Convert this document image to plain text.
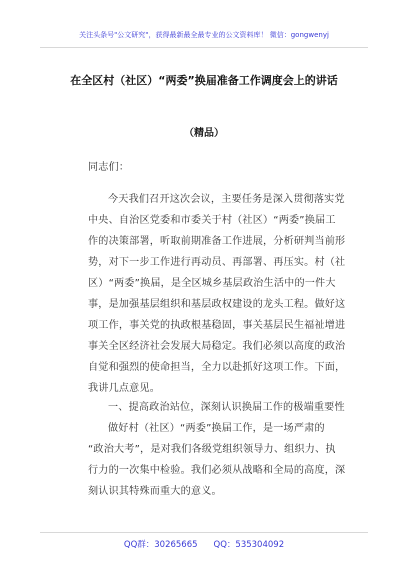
关注头条号"公文研究"，获得最新最全最专业的公文资料库！ 微信：gongwenyj
在全区村（社区）“两委”换届准备工作调度会上的讲话
（精品）
同志们：
今天我们召开这次会议，主要任务是深入贯彻落实党
中央、自治区党委和市委关于村（社区）“两委”换届工
作的决策部署，听取前期准备工作进展，分析研判当前形
势，对下一步工作进行再动员、再部署、再压实。村（社
区）“两委”换届，是全区城乡基层政治生活中的一件大
事，是加强基层组织和基层政权建设的龙头工程。做好这
项工作，事关党的执政根基稳固，事关基层民生福祉增进
事关全区经济社会发展大局稳定。我们必须以高度的政治
自觉和强烈的使命担当，全力以赴抓好这项工作。下面，
我讲几点意见。
一、提高政治站位，深刻认识换届工作的极端重要性
做好村（社区）“两委”换届工作，是一场严肃的
“政治大考”，是对我们各级党组织领导力、组织力、执
行力的一次集中检验。我们必须从战略和全局的高度，深
刻认识其特殊而重大的意义。
QQ群：30265665 QQ：535304092
